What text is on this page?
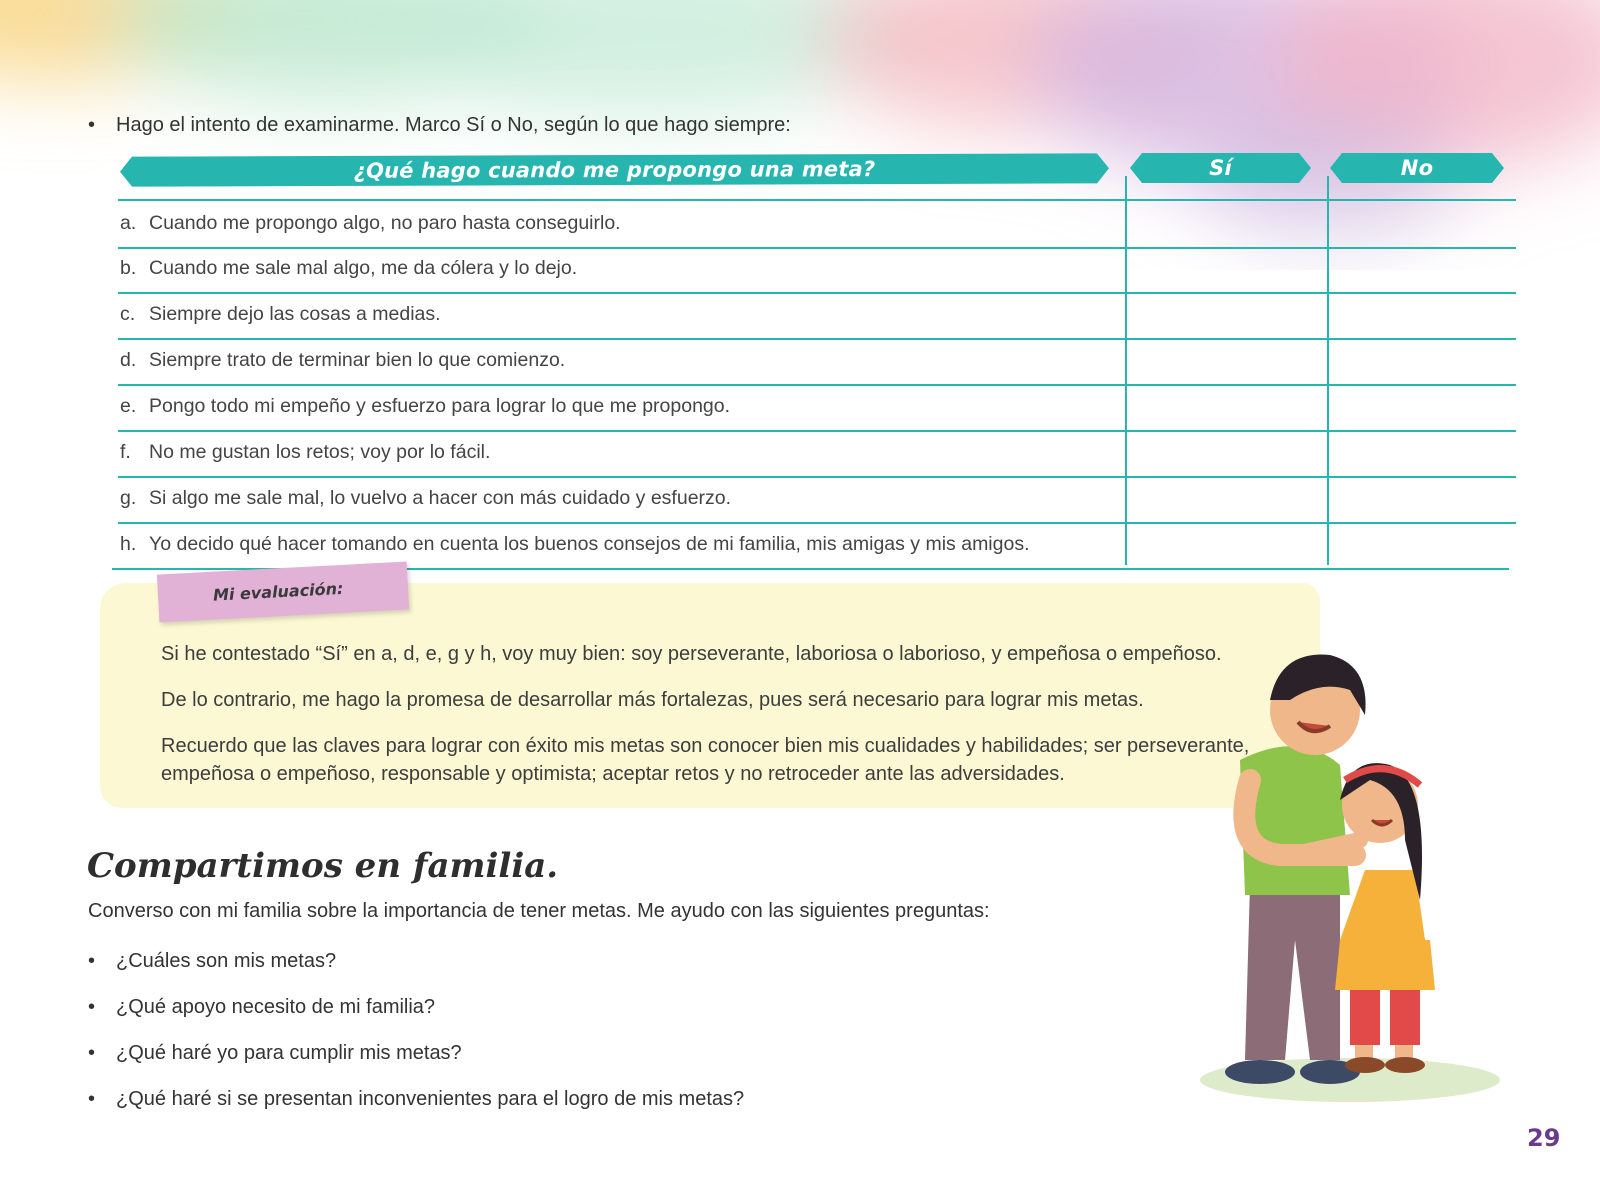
• Hago el intento de examinarme. Marco Sí o No, según lo que hago siempre:
¿Qué hago cuando me propongo una meta?	Sí	No
a. Cuando me propongo algo, no paro hasta conseguirlo.
b. Cuando me sale mal algo, me da cólera y lo dejo.
c. Siempre dejo las cosas a medias.
d. Siempre trato de terminar bien lo que comienzo.
e. Pongo todo mi empeño y esfuerzo para lograr lo que me propongo.
f. No me gustan los retos; voy por lo fácil.
g. Si algo me sale mal, lo vuelvo a hacer con más cuidado y esfuerzo.
h. Yo decido qué hacer tomando en cuenta los buenos consejos de mi familia, mis amigas y mis amigos.
Mi evaluación:
Si he contestado “Sí” en a, d, e, g y h, voy muy bien: soy perseverante, laboriosa o laborioso, y empeñosa o empeñoso.
De lo contrario, me hago la promesa de desarrollar más fortalezas, pues será necesario para lograr mis metas.
Recuerdo que las claves para lograr con éxito mis metas son conocer bien mis cualidades y habilidades; ser perseverante, empeñosa o empeñoso, responsable y optimista; aceptar retos y no retroceder ante las adversidades.
Compartimos en familia.
Converso con mi familia sobre la importancia de tener metas. Me ayudo con las siguientes preguntas:
• ¿Cuáles son mis metas?
• ¿Qué apoyo necesito de mi familia?
• ¿Qué haré yo para cumplir mis metas?
• ¿Qué haré si se presentan inconvenientes para el logro de mis metas?
29
